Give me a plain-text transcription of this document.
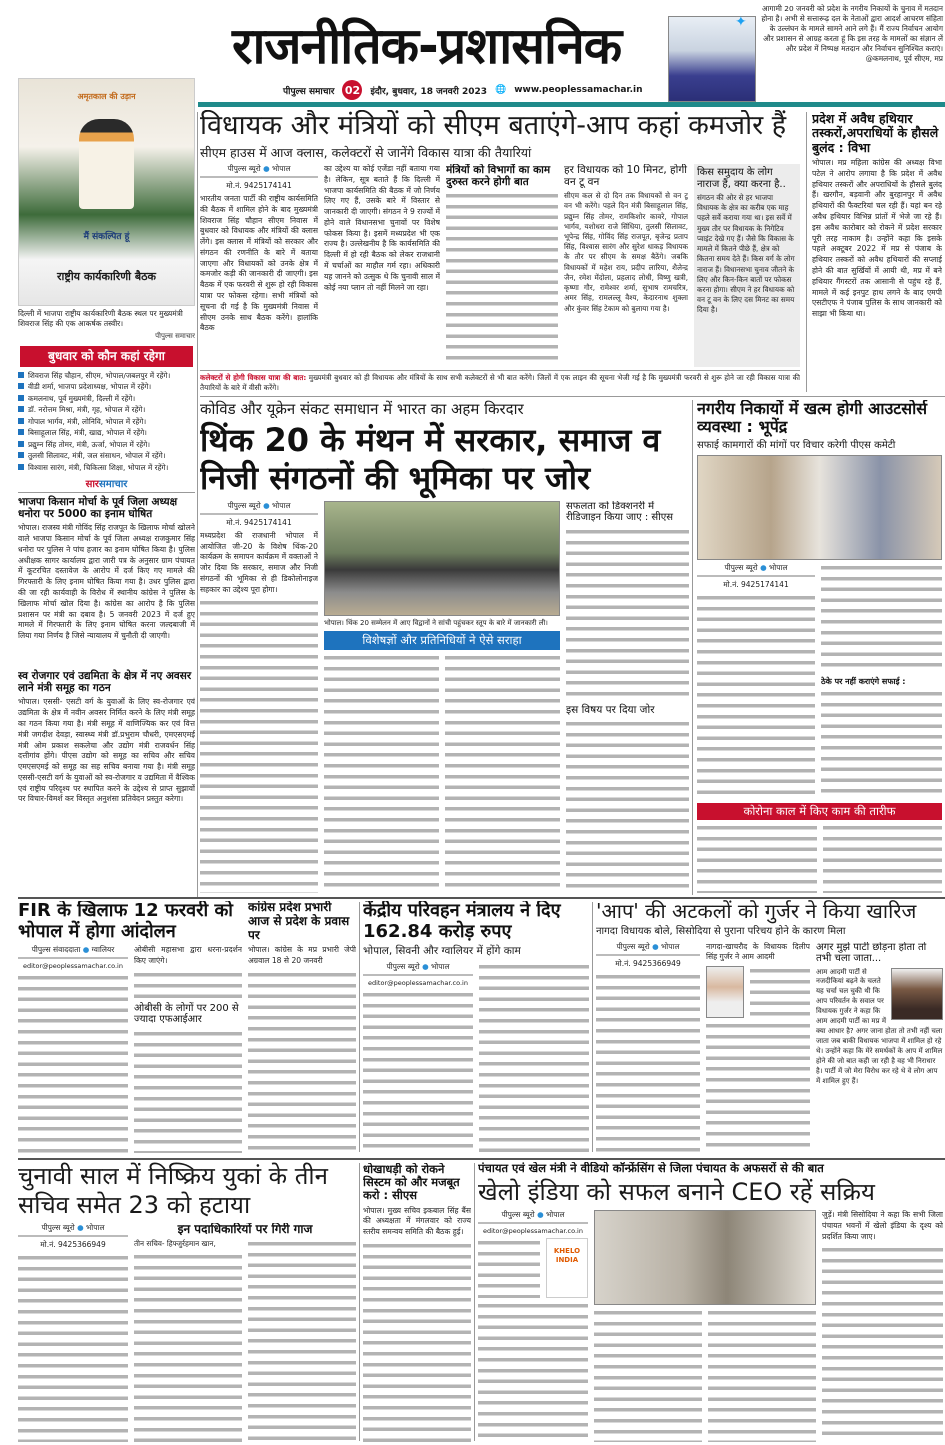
राजनीतिक-प्रशासनिक
पीपुल्स समाचार 02 इंदौर, बुधवार, 18 जनवरी 2023 🌐 www.peoplessamachar.in
✦
आगामी 20 जनवरी को प्रदेश के नगरीय निकायों के चुनाव में मतदान होना है। अभी से सत्तारूढ़ दल के नेताओं द्वारा आदर्श आचरण संहिता के उल्लंघन के मामले सामने आने लगे हैं। मैं राज्य निर्वाचन आयोग और प्रशासन से आग्रह करता हूं कि इस तरह के मामलों का संज्ञान लें और प्रदेश में निष्पक्ष मतदान और निर्वाचन सुनिश्चित कराएं।
@कमलनाथ, पूर्व सीएम, मप्र
अमृतकाल की उड़ान
मैं संकल्पित हूं
राष्ट्रीय कार्यकारिणी बैठक
दिल्ली में भाजपा राष्ट्रीय कार्यकारिणी बैठक स्थल पर मुख्यमंत्री शिवराज सिंह की एक आकर्षक तस्वीर।
पीपुल्स समाचार
बुधवार को कौन कहां रहेगा
शिवराज सिंह चौहान, सीएम, भोपाल/जबलपुर में रहेंगे।
वीडी शर्मा, भाजपा प्रदेशाध्यक्ष, भोपाल में रहेंगे।
कमलनाथ, पूर्व मुख्यमंत्री, दिल्ली में रहेंगे।
डॉ. नरोत्तम मिश्रा, मंत्री, गृह, भोपाल में रहेंगे।
गोपाल भार्गव, मंत्री, लोनिवि, भोपाल में रहेंगे।
बिसाहूलाल सिंह, मंत्री, खाद्य, भोपाल में रहेंगे।
प्रद्युम्न सिंह तोमर, मंत्री, ऊर्जा, भोपाल में रहेंगे।
तुलसी सिलावट, मंत्री, जल संसाधन, भोपाल में रहेंगे।
विश्वास सारंग, मंत्री, चिकित्सा शिक्षा, भोपाल में रहेंगे।
सारसमाचार
भाजपा किसान मोर्चा के पूर्व जिला अध्यक्ष धनोरा पर 5000 का इनाम घोषित
भोपाल। राजस्व मंत्री गोविंद सिंह राजपूत के खिलाफ मोर्चा खोलने वाले भाजपा किसान मोर्चा के पूर्व जिला अध्यक्ष राजकुमार सिंह धनोरा पर पुलिस ने पांच हजार का इनाम घोषित किया है। पुलिस अधीक्षक सागर कार्यालय द्वारा जारी पत्र के अनुसार ग्राम पंचायत में कूटरचित दस्तावेज के आरोप में दर्ज किए गए मामले की गिरफ्तारी के लिए इनाम घोषित किया गया है। उधर पुलिस द्वारा की जा रही कार्यवाही के विरोध में स्थानीय कांग्रेस ने पुलिस के खिलाफ मोर्चा खोल दिया है। कांग्रेस का आरोप है कि पुलिस प्रशासन पर मंत्री का दबाव है। 5 जनवरी 2023 में दर्ज हुए मामले में गिरफ्तारी के लिए इनाम घोषित करना जल्दबाजी में लिया गया निर्णय है जिसे न्यायालय में चुनौती दी जाएगी।
स्व रोजगार एवं उद्यमिता के क्षेत्र में नए अवसर लाने मंत्री समूह का गठन
भोपाल। एससी- एसटी वर्ग के युवाओं के लिए स्व-रोजगार एवं उद्यमिता के क्षेत्र में नवीन अवसर निर्मित करने के लिए मंत्री समूह का गठन किया गया है। मंत्री समूह में वाणिज्यिक कर एवं वित्त मंत्री जगदीश देवड़ा, स्वास्थ्य मंत्री डॉ.प्रभुराम चौधरी, एमएसएमई मंत्री ओम प्रकाश सकलेचा और उद्योग मंत्री राजवर्धन सिंह दत्तीगांव होंगे। पीएस उद्योग को समूह का सचिव और सचिव एमएसएमई को समूह का सह सचिव बनाया गया है। मंत्री समूह एससी-एसटी वर्ग के युवाओं को स्व-रोजगार व उद्यमिता में वैश्विक एवं राष्ट्रीय परिदृश्य पर स्थापित करने के उद्देश्य से प्राप्त सुझावों पर विचार-विमर्श कर विस्तृत अनुशंसा प्रतिवेदन प्रस्तुत करेगा।
विधायक और मंत्रियों को सीएम बताएंगे-आप कहां कमजोर हैं
सीएम हाउस में आज क्लास, कलेक्टरों से जानेंगे विकास यात्रा की तैयारियां
पीपुल्स ब्यूरो ● भोपाल
मो.नं. 9425174141
भारतीय जनता पार्टी की राष्ट्रीय कार्यसमिति की बैठक में शामिल होने के बाद मुख्यमंत्री शिवराज सिंह चौहान सीएम निवास में बुधवार को विधायक और मंत्रियों की क्लास लेंगे। इस क्लास में मंत्रियों को सरकार और संगठन की रणनीति के बारे में बताया जाएगा और विधायकों को उनके क्षेत्र में कमजोर कड़ी की जानकारी दी जाएगी। इस बैठक में एक फरवरी से शुरू हो रही विकास यात्रा पर फोकस रहेगा। सभी मंत्रियों को सूचना दी गई है कि मुख्यमंत्री निवास में सीएम उनके साथ बैठक करेंगे। हालांकि बैठक
का उद्देश्य या कोई एजेंडा नहीं बताया गया है। लेकिन, सूत्र बताते हैं कि दिल्ली में भाजपा कार्यसमिति की बैठक में जो निर्णय लिए गए हैं, उसके बारे में विस्तार से जानकारी दी जाएगी। संगठन ने 9 राज्यों में होने वाले विधानसभा चुनावों पर विशेष फोकस किया है। इसमें मध्यप्रदेश भी एक राज्य है। उल्लेखनीय है कि कार्यसमिति की दिल्ली में हो रही बैठक को लेकर राजधानी में चर्चाओं का माहौल गर्म रहा। अधिकारी यह जानने को उत्सुक थे कि चुनावी साल में कोई नया प्लान तो नहीं मिलने जा रहा।
मंत्रियों को विभागों का काम दुरुस्त करने होगी बात
हर विधायक को 10 मिनट, होगी वन टू वन
सीएम कल से दो दिन तक विधायकों से वन टू वन भी करेंगे। पहले दिन मंत्री बिसाहूलाल सिंह, प्रद्युम्न सिंह तोमर, रामकिशोर कावरे, गोपाल भार्गव, यशोधरा राजे सिंधिया, तुलसी सिलावट, भूपेन्द्र सिंह, गोविंद सिंह राजपूत, बृजेन्द्र प्रताप सिंह, विश्वास सारंग और सुरेश धाकड़ विधायक के तौर पर सीएम के समक्ष बैठेंगे। जबकि विधायकों में महेश राय, प्रदीप लारिया, शैलेन्द्र जैन, रमेश मेंदोला, प्रहलाद लोधी, विष्णु खत्री, कृष्णा गौर, रामेश्वर शर्मा, सुभाष रामचरित्र, अमर सिंह, रामलल्लू वैश्य, केदारनाथ शुक्ला और कुंवर सिंह टेकाम को बुलाया गया है।
किस समुदाय के लोग नाराज हैं, क्या करना है..
संगठन की ओर से हर भाजपा विधायक के क्षेत्र का करीब एक माह पहले सर्वे कराया गया था। इस सर्वे में मुख्य तौर पर विधायक के निगेटिव प्वाइंट देखे गए हैं। जैसे कि विकास के मामले में कितने पीछे हैं, क्षेत्र को कितना समय देते हैं। किस वर्ग के लोग नाराज हैं। विधानसभा चुनाव जीतने के लिए और किन-किन बातों पर फोकस करना होगा। सीएम ने हर विधायक को वन टू वन के लिए दस मिनट का समय दिया है।
कलेक्टरों से होगी विकास यात्रा की बात: मुख्यमंत्री बुधवार को ही विधायक और मंत्रियों के साथ सभी कलेक्टरों से भी बात करेंगे। जिलों में एक लाइन की सूचना भेजी गई है कि मुख्यमंत्री फरवरी से शुरू होने जा रही विकास यात्रा की तैयारियों के बारे में वीसी करेंगे।
प्रदेश में अवैध हथियार तस्करों,अपराधियों के हौसले बुलंद : विभा
भोपाल। मप्र महिला कांग्रेस की अध्यक्ष विभा पटेल ने आरोप लगाया है कि प्रदेश में अवैध हथियार तस्करों और अपराधियों के हौसले बुलंद हैं। खरगौन, बड़वानी और बुरहानपुर में अवैध हथियारों की फैक्टरियां चल रही हैं। यहां बन रहे अवैध हथियार विभिन्न प्रांतों में भेजे जा रहे हैं। इस अवैध कारोबार को रोकने में प्रदेश सरकार पूरी तरह नाकाम है। उन्होंने कहा कि इसके पहले अक्टूबर 2022 में मप्र से पंजाब के हथियार तस्करों को अवैध हथियारों की सप्लाई होने की बात सुर्खियों में आयी थी, मप्र में बने हथियार गैंगस्टरों तक आसानी से पहुंच रहे हैं, मामले में कई इनपुट हाथ लगने के बाद एमपी एसटीएफ ने पंजाब पुलिस के साथ जानकारी को साझा भी किया था।
कोविड और यूक्रेन संकट समाधान में भारत का अहम किरदार
थिंक 20 के मंथन में सरकार, समाज व निजी संगठनों की भूमिका पर जोर
पीपुल्स ब्यूरो ● भोपाल
मो.नं. 9425174141
मध्यप्रदेश की राजधानी भोपाल में आयोजित जी-20 के विशेष थिंक-20 कार्यक्रम के समापन कार्यक्रम में वक्ताओं ने जोर दिया कि सरकार, समाज और निजी संगठनों की भूमिका से ही डिकोलोनाइज सहकार का उद्देश्य पूरा होगा।
भोपाल। थिंक 20 सम्मेलन में आए विद्वानों ने सांची पहुंचकर स्तूप के बारे में जानकारी ली।
विशेषज्ञों और प्रतिनिधियों ने ऐसे सराहा
सफलता को डिक्शनरी में रीडिजाइन किया जाए : सीएस
इस विषय पर दिया जोर
नगरीय निकायों में खत्म होगी आउटसोर्स व्यवस्था : भूपेंद्र
सफाई कामगारों की मांगों पर विचार करेगी पीएस कमेटी
पीपुल्स ब्यूरो ● भोपाल
मो.नं. 9425174141
ठेके पर नहीं कराएंगे सफाई :
कोरोना काल में किए काम की तारीफ
FIR के खिलाफ 12 फरवरी को भोपाल में होगा आंदोलन
पीपुल्स संवाददाता ● ग्वालियर
editor@peoplessamachar.co.in
ओबीसी महासभा द्वारा धरना-प्रदर्शन किए जाएंगे।
ओबीसी के लोगों पर 200 से ज्यादा एफआईआर
कांग्रेस प्रदेश प्रभारी आज से प्रदेश के प्रवास पर
भोपाल। कांग्रेस के मप्र प्रभारी जेपी अग्रवाल 18 से 20 जनवरी
केंद्रीय परिवहन मंत्रालय ने दिए 162.84 करोड़ रुपए
भोपाल, सिवनी और ग्वालियर में होंगे काम
पीपुल्स ब्यूरो ● भोपाल
editor@peoplessamachar.co.in
'आप' की अटकलों को गुर्जर ने किया खारिज
नागदा विधायक बोले, सिसोदिया से पुराना परिचय होने के कारण मिला
पीपुल्स ब्यूरो ● भोपाल
मो.नं. 9425366949
नागदा-खाचरौद के विधायक दिलीप सिंह गुर्जर ने आम आदमी
अगर मुझे पार्टी छोड़ना होता तो तभी चला जाता...
आम आदमी पार्टी से नजदीकियां बढ़ने के चलते यह चर्चा चल चुकी थी कि आप परिवर्तन के सवाल पर विधायक गुर्जर ने कहा कि आम आदमी पार्टी का मप्र में क्या आधार है? अगर जाना होता तो तभी नहीं चला जाता जब बाकी विधायक भाजपा में शामिल हो रहे थे। उन्होंने कहा कि मेरे समर्थकों के आप में शामिल होने की जो बात कही जा रही है वह भी निराधार है। पार्टी में जो मेरा विरोध कर रहे थे वे लोग आप में शामिल हुए हैं।
चुनावी साल में निष्क्रिय युकां के तीन सचिव समेत 23 को हटाया
पीपुल्स ब्यूरो ● भोपाल
मो.नं. 9425366949
इन पदाधिकारियों पर गिरी गाज
तीन सचिव- हिफ्जुर्रहमान खान,
धोखाधड़ी को रोकने सिस्टम को और मजबूत करो : सीएस
भोपाल। मुख्य सचिव इकबाल सिंह बैंस की अध्यक्षता में मंगलवार को राज्य स्तरीय समन्वय समिति की बैठक हुई।
पंचायत एवं खेल मंत्री ने वीडियो कॉन्फ्रेंसिंग से जिला पंचायत के अफसरों से की बात
खेलो इंडिया को सफल बनाने CEO रहें सक्रिय
पीपुल्स ब्यूरो ● भोपाल
editor@peoplessamachar.co.in
KHELO INDIA
जुड़ें। मंत्री सिसोदिया ने कहा कि सभी जिला पंचायत भवनों में खेलो इंडिया के दृश्य को प्रदर्शित किया जाए।
